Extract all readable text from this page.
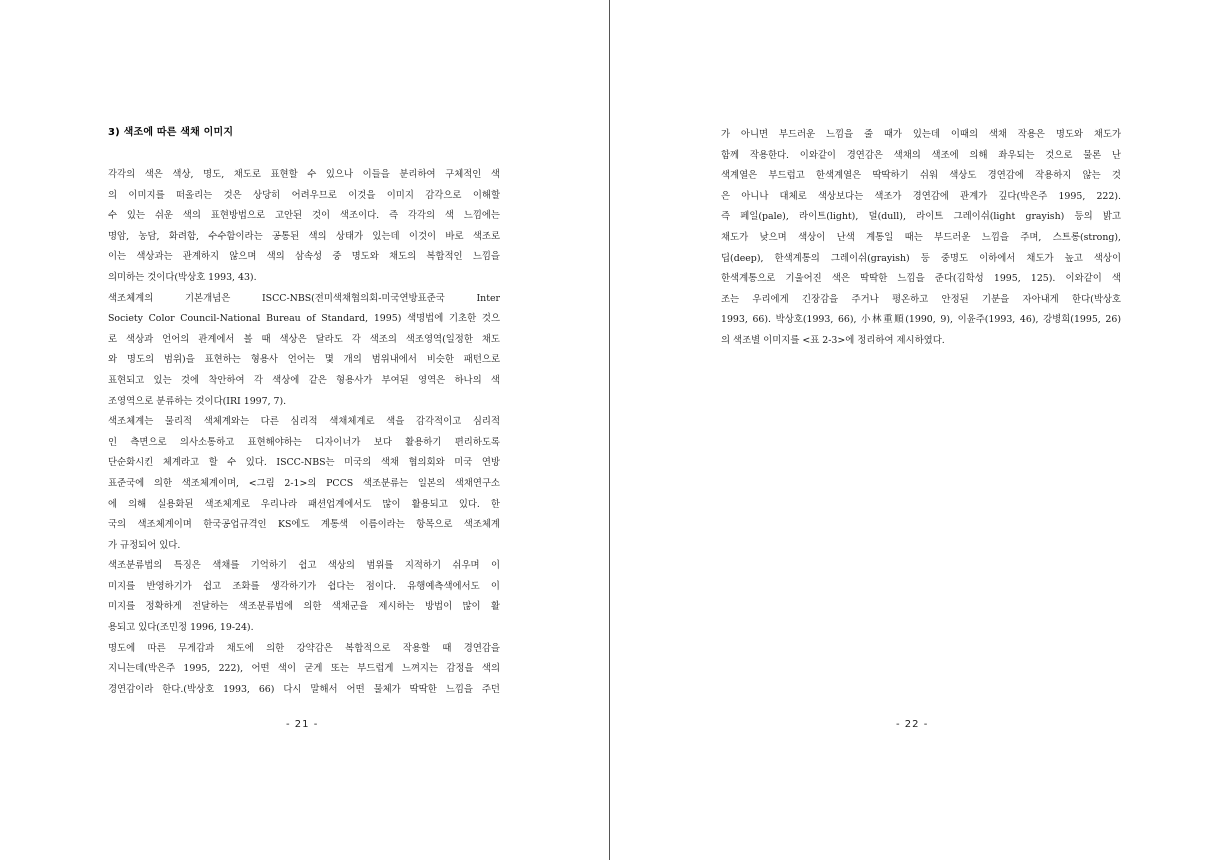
3) 색조에 따른 색채 이미지
각각의 색은 색상, 명도, 채도로 표현할 수 있으나 이들을 분리하여 구체적인 색
의 이미지를 떠올리는 것은 상당히 어려우므로 이것을 이미지 감각으로 이해할
수 있는 쉬운 색의 표현방법으로 고안된 것이 색조이다. 즉 각각의 색 느낌에는
명암, 농담, 화려함, 수수함이라는 공통된 색의 상태가 있는데 이것이 바로 색조로
이는 색상과는 관계하지 않으며 색의 삼속성 중 명도와 채도의 복합적인 느낌을
의미하는 것이다(박상호 1993, 43).
색조체계의 기본개념은 ISCC-NBS(전미색채협의회-미국연방표준국 Inter
Society Color Council-National Bureau of Standard, 1995) 색명법에 기초한 것으
로 색상과 언어의 관계에서 볼 때 색상은 달라도 각 색조의 색조영역(일정한 채도
와 명도의 범위)을 표현하는 형용사 언어는 몇 개의 범위내에서 비슷한 패턴으로
표현되고 있는 것에 착안하여 각 색상에 같은 형용사가 부여된 영역은 하나의 색
조영역으로 분류하는 것이다(IRI 1997, 7).
색조체계는 물리적 색체계와는 다른 심리적 색채체계로 색을 감각적이고 심리적
인 측면으로 의사소통하고 표현해야하는 디자이너가 보다 활용하기 편리하도록
단순화시킨 체계라고 할 수 있다. ISCC-NBS는 미국의 색채 협의회와 미국 연방
표준국에 의한 색조체계이며, <그림 2-1>의 PCCS 색조분류는 일본의 색채연구소
에 의해 실용화된 색조체계로 우리나라 패션업계에서도 많이 활용되고 있다. 한
국의 색조체계이며 한국공업규격인 KS에도 계통색 이름이라는 항목으로 색조체계
가 규정되어 있다.
색조분류법의 특징은 색채를 기억하기 쉽고 색상의 범위를 지적하기 쉬우며 이
미지를 반영하기가 쉽고 조화를 생각하기가 쉽다는 점이다. 유행예측색에서도 이
미지를 정확하게 전달하는 색조분류법에 의한 색채군을 제시하는 방법이 많이 활
용되고 있다(조민정 1996, 19-24).
명도에 따른 무게감과 채도에 의한 강약감은 복합적으로 작용할 때 경연감을
지니는데(박은주 1995, 222), 어떤 색이 굳게 또는 부드럽게 느껴지는 감정을 색의
경연감이라 한다.(박상호 1993, 66) 다시 말해서 어떤 물체가 딱딱한 느낌을 주던
- 21 -
가 아니면 부드러운 느낌을 줄 때가 있는데 이때의 색채 작용은 명도와 채도가
함께 작용한다. 이와같이 경연감은 색채의 색조에 의해 좌우되는 것으로 물론 난
색계열은 부드럽고 한색계열은 딱딱하기 쉬워 색상도 경연감에 작용하지 않는 것
은 아니나 대체로 색상보다는 색조가 경연감에 관계가 깊다(박은주 1995, 222).
즉 페일(pale), 라이트(light), 덜(dull), 라이트 그레이쉬(light grayish) 등의 밝고
채도가 낮으며 색상이 난색 계통일 때는 부드러운 느낌을 주며, 스트롱(strong),
딥(deep), 한색계통의 그레이쉬(grayish) 등 중명도 이하에서 채도가 높고 색상이
한색계통으로 기울어진 색은 딱딱한 느낌을 준다(김학성 1995, 125). 이와같이 색
조는 우리에게 긴장감을 주거나 평온하고 안정된 기분을 자아내게 한다(박상호
1993, 66). 박상호(1993, 66), 小林重順(1990, 9), 이윤주(1993, 46), 강병희(1995, 26)
의 색조별 이미지를 <표 2-3>에 정리하여 제시하였다.
- 22 -
